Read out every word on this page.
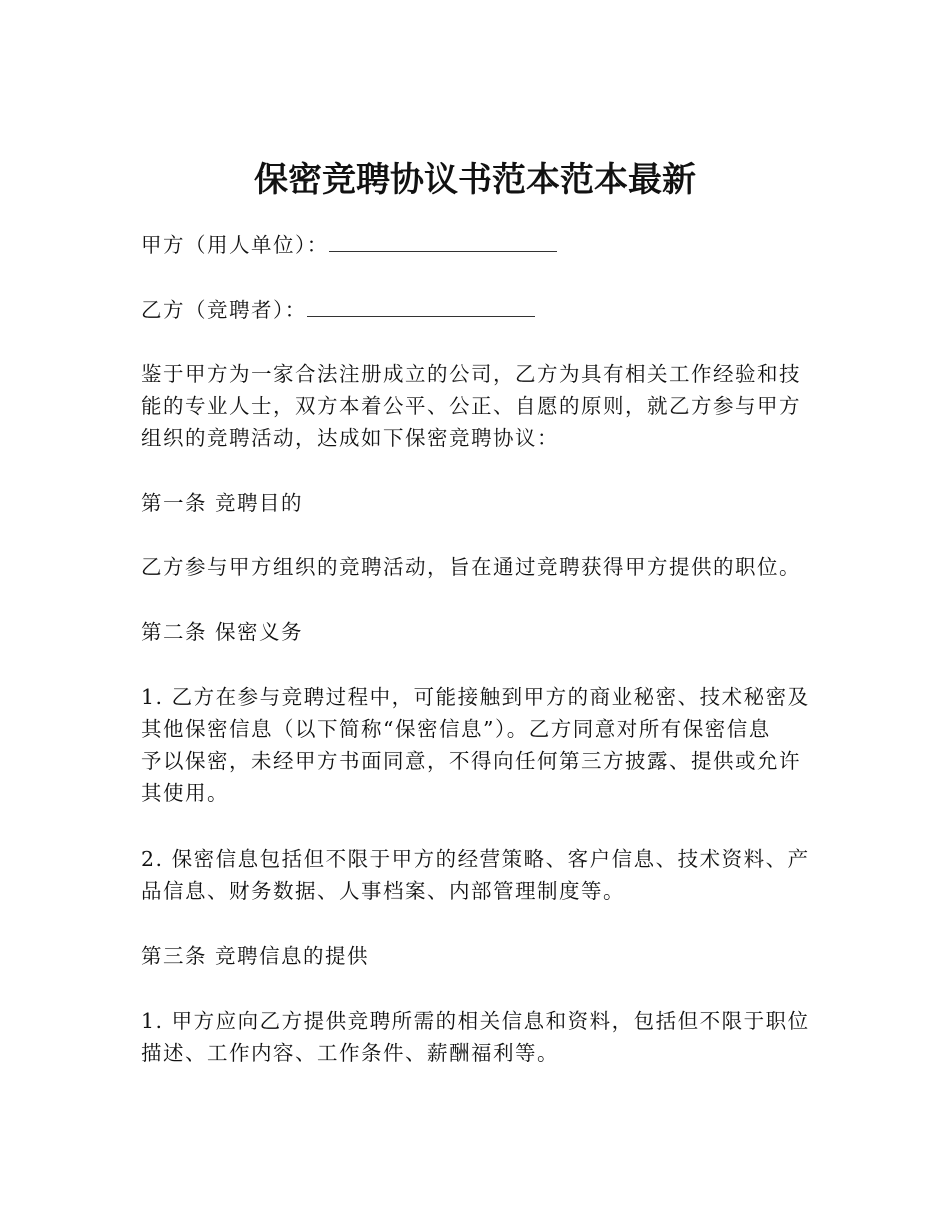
保密竞聘协议书范本范本最新

甲方（用人单位）：

乙方（竞聘者）：

鉴于甲方为一家合法注册成立的公司，乙方为具有相关工作经验和技
能的专业人士，双方本着公平、公正、自愿的原则，就乙方参与甲方
组织的竞聘活动，达成如下保密竞聘协议：

第一条 竞聘目的

乙方参与甲方组织的竞聘活动，旨在通过竞聘获得甲方提供的职位。

第二条 保密义务

1. 乙方在参与竞聘过程中，可能接触到甲方的商业秘密、技术秘密及
其他保密信息（以下简称“保密信息”）。乙方同意对所有保密信息
予以保密，未经甲方书面同意，不得向任何第三方披露、提供或允许
其使用。

2. 保密信息包括但不限于甲方的经营策略、客户信息、技术资料、产
品信息、财务数据、人事档案、内部管理制度等。

第三条 竞聘信息的提供

1. 甲方应向乙方提供竞聘所需的相关信息和资料，包括但不限于职位
描述、工作内容、工作条件、薪酬福利等。
